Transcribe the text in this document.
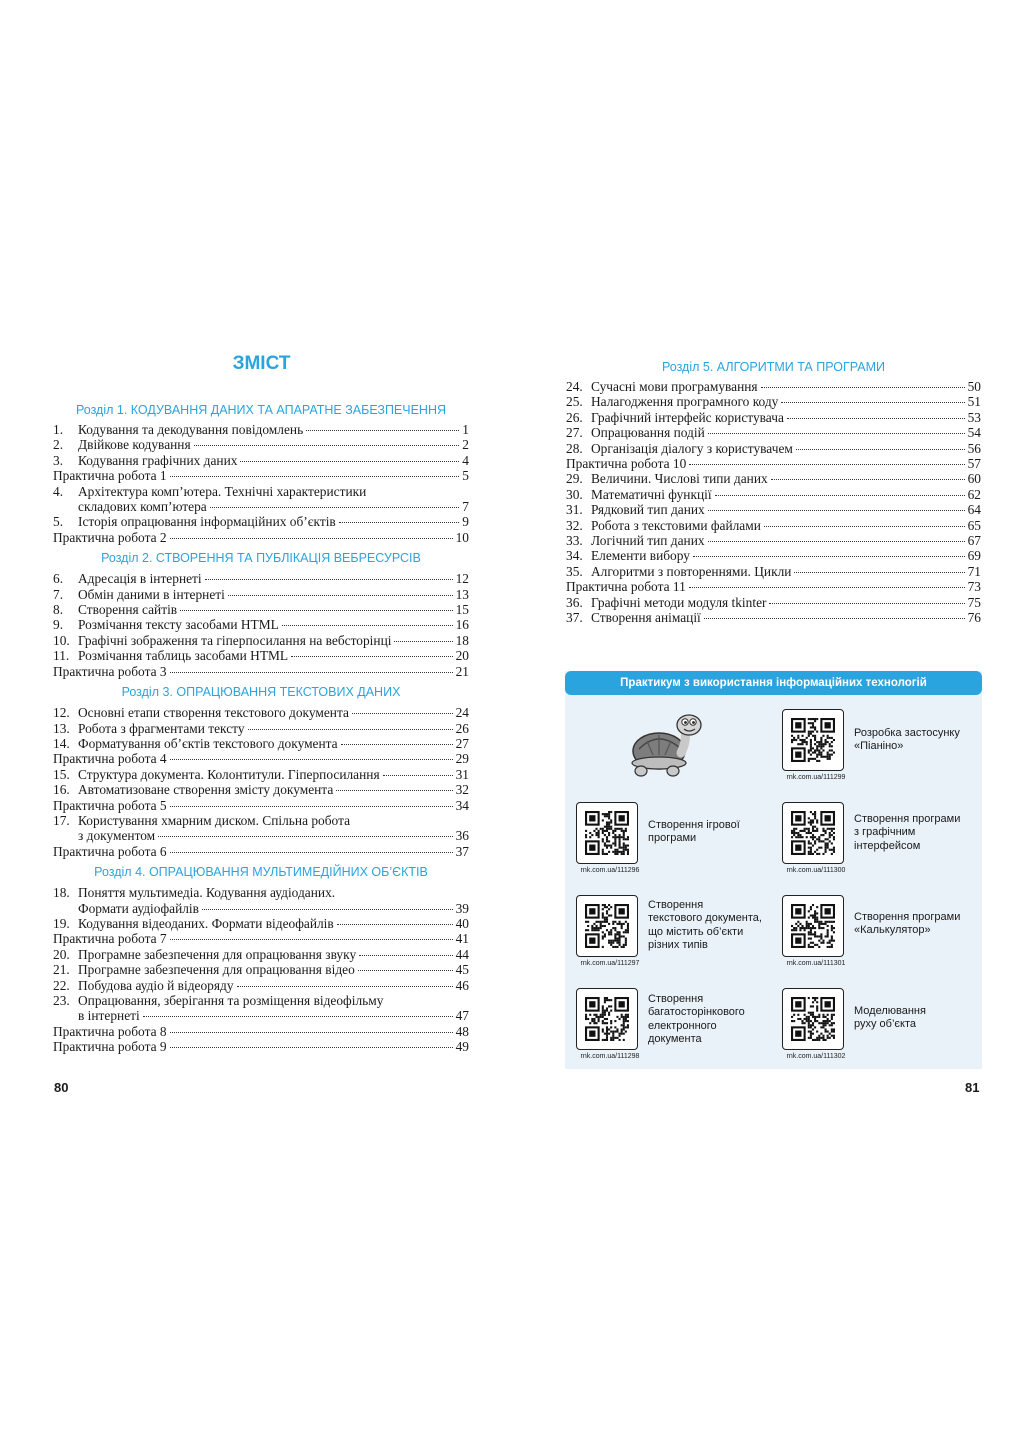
ЗМІСТ
Розділ 1. КОДУВАННЯ ДАНИХ ТА АПАРАТНЕ ЗАБЕЗПЕЧЕННЯ
1.	Кодування та декодування повідомлень	1
2.	Двійкове кодування	2
3.	Кодування графічних даних	4
Практична робота 1	5
4.	Архітектура комп’ютера. Технічні характеристики
складових комп’ютера	7
5.	Історія опрацювання інформаційних об’єктів	9
Практична робота 2	10
Розділ 2. СТВОРЕННЯ ТА ПУБЛІКАЦІЯ ВЕБРЕСУРСІВ
6.	Адресація в інтернеті	12
7.	Обмін даними в інтернеті	13
8.	Створення сайтів	15
9.	Розмічання тексту засобами HTML	16
10. Графічні зображення та гіперпосилання на вебсторінці	18
11. Розмічання таблиць засобами HTML	20
Практична робота 3	21
Розділ 3. ОПРАЦЮВАННЯ ТЕКСТОВИХ ДАНИХ
12. Основні етапи створення текстового документа	24
13. Робота з фрагментами тексту	26
14. Форматування об’єктів текстового документа	27
Практична робота 4	29
15. Структура документа. Колонтитули. Гіперпосилання	31
16. Автоматизоване створення змісту документа	32
Практична робота 5	34
17. Користування хмарним диском. Спільна робота
з документом	36
Практична робота 6	37
Розділ 4. ОПРАЦЮВАННЯ МУЛЬТИМЕДІЙНИХ ОБ’ЄКТІВ
18. Поняття мультимедіа. Кодування аудіоданих.
Формати аудіофайлів	39
19. Кодування відеоданих. Формати відеофайлів	40
Практична робота 7	41
20. Програмне забезпечення для опрацювання звуку	44
21. Програмне забезпечення для опрацювання відео	45
22. Побудова аудіо й відеоряду	46
23. Опрацювання, зберігання та розміщення відеофільму
в інтернеті	47
Практична робота 8	48
Практична робота 9	49
80
Розділ 5. АЛГОРИТМИ ТА ПРОГРАМИ
24. Сучасні мови програмування	50
25. Налагодження програмного коду	51
26. Графічний інтерфейс користувача	53
27. Опрацювання подій	54
28. Організація діалогу з користувачем	56
Практична робота 10	57
29. Величини. Числові типи даних	60
30. Математичні функції	62
31. Рядковий тип даних	64
32. Робота з текстовими файлами	65
33. Логічний тип даних	67
34. Елементи вибору	69
35. Алгоритми з повтореннями. Цикли	71
Практична робота 11	73
36. Графічні методи модуля tkinter	75
37. Створення анімації	76
Практикум з використання інформаційних технологій
Розробка застосунку
«Піаніно»
rnk.com.ua/111299
Створення ігрової
програми
rnk.com.ua/111296
Створення програми
з графічним
інтерфейсом
rnk.com.ua/111300
Створення
текстового документа,
що містить об’єкти
різних типів
rnk.com.ua/111297
Створення програми
«Калькулятор»
rnk.com.ua/111301
Створення
багатосторінкового
електронного
документа
rnk.com.ua/111298
Моделювання
руху об’єкта
rnk.com.ua/111302
81
